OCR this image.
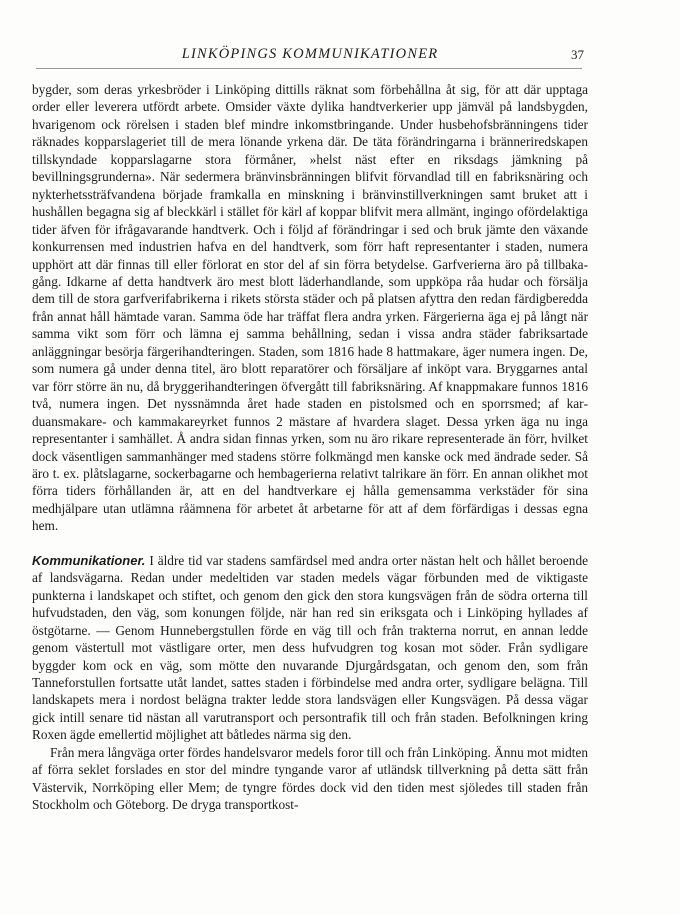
LINKÖPINGS KOMMUNIKATIONER	37

bygder, som deras yrkesbröder i Linköping dittills räknat som förbehållna åt sig, för att där upptaga order eller leverera utfördt arbete. Omsider växte dylika handtverkerier upp jämväl på landsbygden, hvarigenom ock rörelsen i staden blef mindre inkomstbringande. Under husbehofsbränningens tider räknades kopparslageriet till de mera lönande yrkena där. De täta förändringarna i brännerіredskapen tillskyndade kopparslagarne stora förmåner, »helst näst efter en riksdags jämkning på bevillningsgrunderna». När sedermera bränvinsbränningen blifvit förvandlad till en fabriksnäring och nykterhetssträfvandena började framkalla en minskning i bränvinstillverkningen samt bruket att i hushållen begagna sig af bleckkärl i stället för kärl af koppar blifvit mera allmänt, ingingo ofördelaktiga tider äfven för ifrågavarande handtverk. Och i följd af förändringar i sed och bruk jämte den växande konkurrensen med industrien hafva en del handtverk, som förr haft representanter i staden, numera upphört att där finnas till eller förlorat en stor del af sin förra betydelse. Garfverierna äro på tillbakagång. Idkarne af detta handtverk äro mest blott läderhandlande, som uppköpa råa hudar och försälja dem till de stora garfverifabrikerna i rikets största städer och på platsen afyttra den redan färdigberedda från annat håll hämtade varan. Samma öde har träffat flera andra yrken. Färgerierna äga ej på långt när samma vikt som förr och lämna ej samma behållning, sedan i vissa andra städer fabriksartade anläggningar besörja färgerihandteringen. Staden, som 1816 hade 8 hattmakare, äger numera ingen. De, som numera gå under denna titel, äro blott reparatörer och försäljare af inköpt vara. Bryggarnes antal var förr större än nu, då bryggerihandteringen öfvergått till fabriksnäring. Af knappmakare funnos 1816 två, numera ingen. Det nyssnämnda året hade staden en pistolsmed och en sporrsmed; af karduansmakare- och kammakareyrket funnos 2 mästare af hvardera slaget. Dessa yrken äga nu inga representanter i samhället. Å andra sidan finnas yrken, som nu äro rikare representerade än förr, hvilket dock väsentligen sammanhänger med stadens större folkmängd men kanske ock med ändrade seder. Så äro t. ex. plåtslagarne, sockerbagarne och hembagerierna relativt talrikare än förr. En annan olikhet mot förra tiders förhållanden är, att en del handtverkare ej hålla gemensamma verkstäder för sina medhjälpare utan utlämna råämnena för arbetet åt arbetarne för att af dem förfärdigas i dessas egna hem.

Kommunikationer. I äldre tid var stadens samfärdsel med andra orter nästan helt och hållet beroende af landsvägarna. Redan under medeltiden var staden medels vägar förbunden med de viktigaste punkterna i landskapet och stiftet, och genom den gick den stora kungsvägen från de södra orterna till hufvudstaden, den väg, som konungen följde, när han red sin eriksgata och i Linköping hyllades af östgötarne. — Genom Hunnebergstullen förde en väg till och från trakterna norrut, en annan ledde genom västertull mot västligare orter, men dess hufvudgren tog kosan mot söder. Från sydligare byggder kom ock en väg, som mötte den nuvarande Djurgårdsgatan, och genom den, som från Tanneforstullen fortsatte utåt landet, sattes staden i förbindelse med andra orter, sydligare belägna. Till landskapets mera i nordost belägna trakter ledde stora landsvägen eller Kungsvägen. På dessa vägar gick intill senare tid nästan all varutransport och persontrafik till och från staden. Befolkningen kring Roxen ägde emellertid möjlighet att båtledes närma sig den.

Från mera långväga orter fördes handelsvaror medels foror till och från Linköping. Ännu mot midten af förra seklet forslades en stor del mindre tyngande varor af utländsk tillverkning på detta sätt från Västervik, Norrköping eller Mem; de tyngre fördes dock vid den tiden mest sjöledes till staden från Stockholm och Göteborg. De dryga transportkost-
